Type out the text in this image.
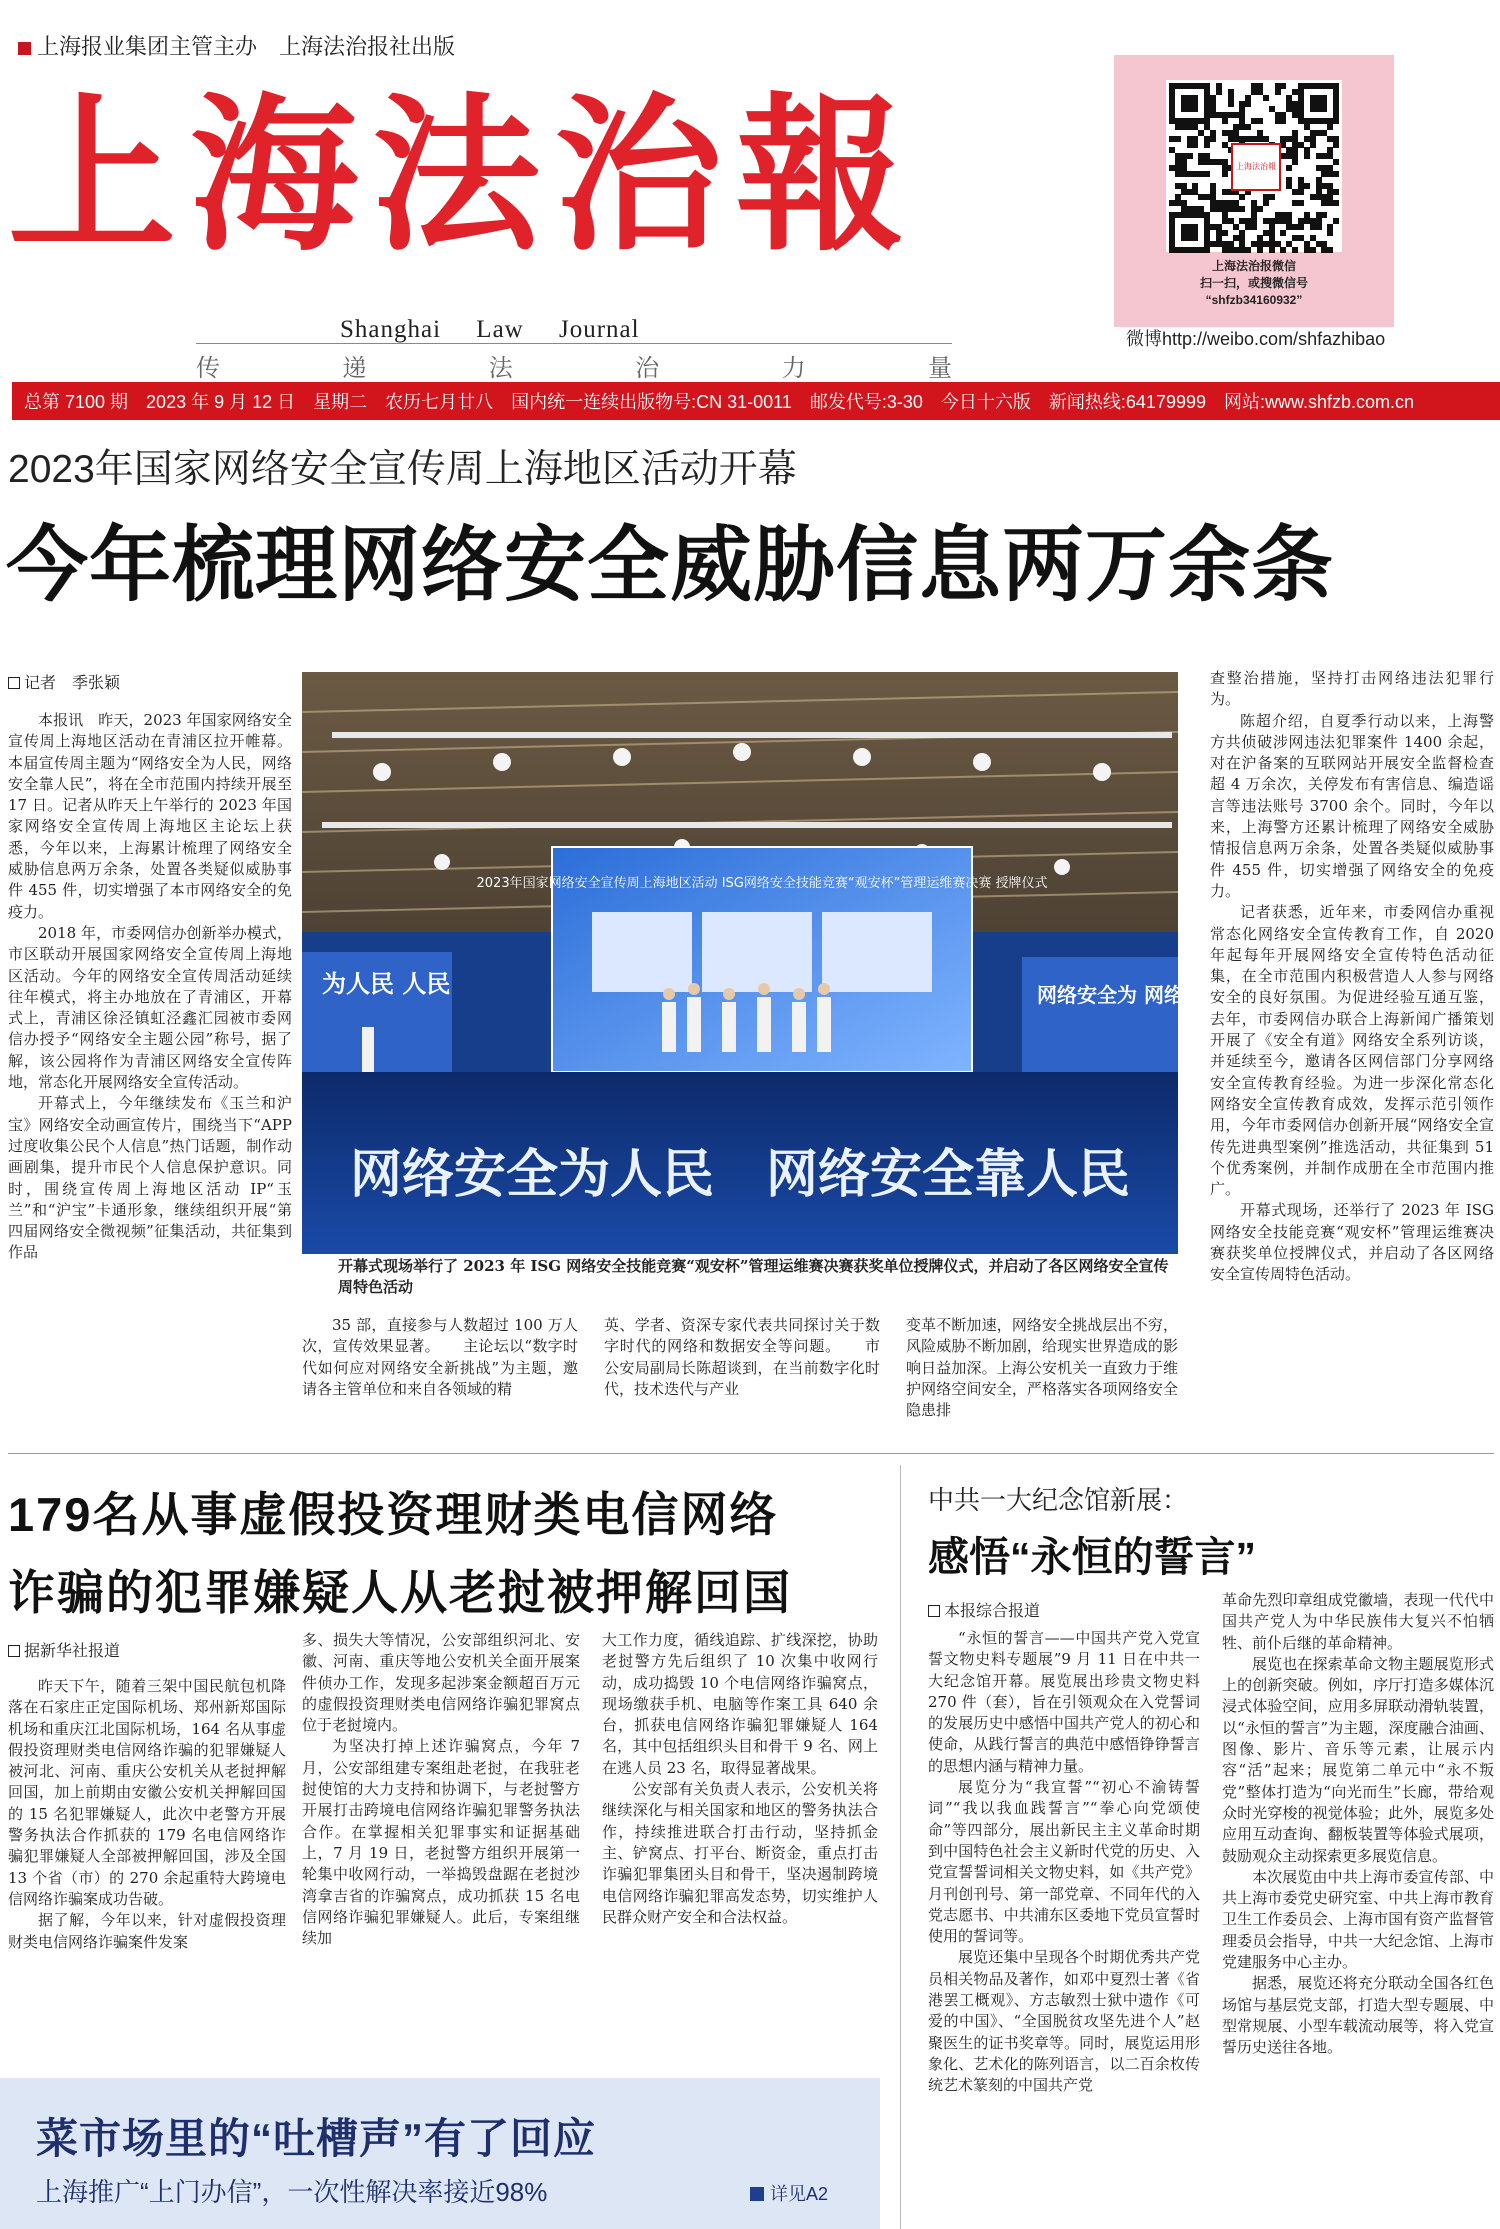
上海报业集团主管主办 上海法治报社出版
上海法治報
Shanghai Law Journal
传	递	法	治	力	量
上海法治報
上海法治报微信
扫一扫，或搜微信号
“shfzb34160932”
微博http://weibo.com/shfazhibao
总第 7100 期 2023 年 9 月 12 日 星期二 农历七月廿八 国内统一连续出版物号:CN 31-0011 邮发代号:3-30 今日十六版 新闻热线:64179999 网站:www.shfzb.com.cn
2023年国家网络安全宣传周上海地区活动开幕
今年梳理网络安全威胁信息两万余条
记者　季张颖

本报讯　昨天，2023 年国家网络安全宣传周上海地区活动在青浦区拉开帷幕。本届宣传周主题为“网络安全为人民，网络安全靠人民”，将在全市范围内持续开展至 17 日。记者从昨天上午举行的 2023 年国家网络安全宣传周上海地区主论坛上获悉，今年以来，上海累计梳理了网络安全威胁信息两万余条，处置各类疑似威胁事件 455 件，切实增强了本市网络安全的免疫力。

2018 年，市委网信办创新举办模式，市区联动开展国家网络安全宣传周上海地区活动。今年的网络安全宣传周活动延续往年模式，将主办地放在了青浦区，开幕式上，青浦区徐泾镇虹泾鑫汇园被市委网信办授予“网络安全主题公园”称号，据了解，该公园将作为青浦区网络安全宣传阵地，常态化开展网络安全宣传活动。

开幕式上，今年继续发布《玉兰和沪宝》网络安全动画宣传片，围绕当下“APP 过度收集公民个人信息”热门话题，制作动画剧集，提升市民个人信息保护意识。同时，围绕宣传周上海地区活动 IP“玉兰”和“沪宝”卡通形象，继续组织开展“第四届网络安全微视频”征集活动，共征集到作品

2023年国家网络安全宣传周上海地区活动 ISG网络安全技能竞赛“观安杯”管理运维赛决赛 授牌仪式
为人民 人民	网络安全为 网络安全靠
网络安全为人民　网络安全靠人民
开幕式现场举行了 2023 年 ISG 网络安全技能竞赛“观安杯”管理运维赛决赛获奖单位授牌仪式，并启动了各区网络安全宣传周特色活动

35 部，直接参与人数超过 100 万人次，宣传效果显著。　　主论坛以“数字时代如何应对网络安全新挑战”为主题，邀请各主管单位和来自各领域的精

英、学者、资深专家代表共同探讨关于数字时代的网络和数据安全等问题。　　市公安局副局长陈超谈到，在当前数字化时代，技术迭代与产业

变革不断加速，网络安全挑战层出不穷，风险威胁不断加剧，给现实世界造成的影响日益加深。上海公安机关一直致力于维护网络空间安全，严格落实各项网络安全隐患排

查整治措施，坚持打击网络违法犯罪行为。

陈超介绍，自夏季行动以来，上海警方共侦破涉网违法犯罪案件 1400 余起，对在沪备案的互联网站开展安全监督检查超 4 万余次，关停发布有害信息、编造谣言等违法账号 3700 余个。同时，今年以来，上海警方还累计梳理了网络安全威胁情报信息两万余条，处置各类疑似威胁事件 455 件，切实增强了网络安全的免疫力。

记者获悉，近年来，市委网信办重视常态化网络安全宣传教育工作，自 2020 年起每年开展网络安全宣传特色活动征集，在全市范围内积极营造人人参与网络安全的良好氛围。为促进经验互通互鉴，去年，市委网信办联合上海新闻广播策划开展了《安全有道》网络安全系列访谈，并延续至今，邀请各区网信部门分享网络安全宣传教育经验。为进一步深化常态化网络安全宣传教育成效，发挥示范引领作用，今年市委网信办创新开展“网络安全宣传先进典型案例”推选活动，共征集到 51 个优秀案例，并制作成册在全市范围内推广。

开幕式现场，还举行了 2023 年 ISG 网络安全技能竞赛“观安杯”管理运维赛决赛获奖单位授牌仪式，并启动了各区网络安全宣传周特色活动。

179名从事虚假投资理财类电信网络
诈骗的犯罪嫌疑人从老挝被押解回国
据新华社报道

昨天下午，随着三架中国民航包机降落在石家庄正定国际机场、郑州新郑国际机场和重庆江北国际机场，164 名从事虚假投资理财类电信网络诈骗的犯罪嫌疑人被河北、河南、重庆公安机关从老挝押解回国，加上前期由安徽公安机关押解回国的 15 名犯罪嫌疑人，此次中老警方开展警务执法合作抓获的 179 名电信网络诈骗犯罪嫌疑人全部被押解回国，涉及全国 13 个省（市）的 270 余起重特大跨境电信网络诈骗案成功告破。

据了解，今年以来，针对虚假投资理财类电信网络诈骗案件发案

多、损失大等情况，公安部组织河北、安徽、河南、重庆等地公安机关全面开展案件侦办工作，发现多起涉案金额超百万元的虚假投资理财类电信网络诈骗犯罪窝点位于老挝境内。

为坚决打掉上述诈骗窝点，今年 7 月，公安部组建专案组赴老挝，在我驻老挝使馆的大力支持和协调下，与老挝警方开展打击跨境电信网络诈骗犯罪警务执法合作。在掌握相关犯罪事实和证据基础上，7 月 19 日，老挝警方组织开展第一轮集中收网行动，一举捣毁盘踞在老挝沙湾拿吉省的诈骗窝点，成功抓获 15 名电信网络诈骗犯罪嫌疑人。此后，专案组继续加

大工作力度，循线追踪、扩线深挖，协助老挝警方先后组织了 10 次集中收网行动，成功捣毁 10 个电信网络诈骗窝点，现场缴获手机、电脑等作案工具 640 余台，抓获电信网络诈骗犯罪嫌疑人 164 名，其中包括组织头目和骨干 9 名、网上在逃人员 23 名，取得显著战果。

公安部有关负责人表示，公安机关将继续深化与相关国家和地区的警务执法合作，持续推进联合打击行动，坚持抓金主、铲窝点、打平台、断资金，重点打击诈骗犯罪集团头目和骨干，坚决遏制跨境电信网络诈骗犯罪高发态势，切实维护人民群众财产安全和合法权益。

中共一大纪念馆新展：
感悟“永恒的誓言”
本报综合报道

“永恒的誓言——中国共产党入党宣誓文物史料专题展”9 月 11 日在中共一大纪念馆开幕。展览展出珍贵文物史料 270 件（套），旨在引领观众在入党誓词的发展历史中感悟中国共产党人的初心和使命，从践行誓言的典范中感悟铮铮誓言的思想内涵与精神力量。

展览分为“我宣誓”“初心不渝铸誓词”“我以我血践誓言”“拳心向党颂使命”等四部分，展出新民主主义革命时期到中国特色社会主义新时代党的历史、入党宣誓誓词相关文物史料，如《共产党》月刊创刊号、第一部党章、不同年代的入党志愿书、中共浦东区委地下党员宣誓时使用的誓词等。

展览还集中呈现各个时期优秀共产党员相关物品及著作，如邓中夏烈士著《省港罢工概观》、方志敏烈士狱中遗作《可爱的中国》、“全国脱贫攻坚先进个人”赵聚医生的证书奖章等。同时，展览运用形象化、艺术化的陈列语言，以二百余枚传统艺术篆刻的中国共产党

革命先烈印章组成党徽墙，表现一代代中国共产党人为中华民族伟大复兴不怕牺牲、前仆后继的革命精神。

展览也在探索革命文物主题展览形式上的创新突破。例如，序厅打造多媒体沉浸式体验空间，应用多屏联动滑轨装置，以“永恒的誓言”为主题，深度融合油画、图像、影片、音乐等元素，让展示内容“活”起来；展览第二单元中“永不叛党”整体打造为“向光而生”长廊，带给观众时光穿梭的视觉体验；此外，展览多处应用互动查询、翻板装置等体验式展项，鼓励观众主动探索更多展览信息。

本次展览由中共上海市委宣传部、中共上海市委党史研究室、中共上海市教育卫生工作委员会、上海市国有资产监督管理委员会指导，中共一大纪念馆、上海市党建服务中心主办。

据悉，展览还将充分联动全国各红色场馆与基层党支部，打造大型专题展、中型常规展、小型车载流动展等，将入党宣誓历史送往各地。

菜市场里的“吐槽声”有了回应
上海推广“上门办信”，一次性解决率接近98%	详见A2
